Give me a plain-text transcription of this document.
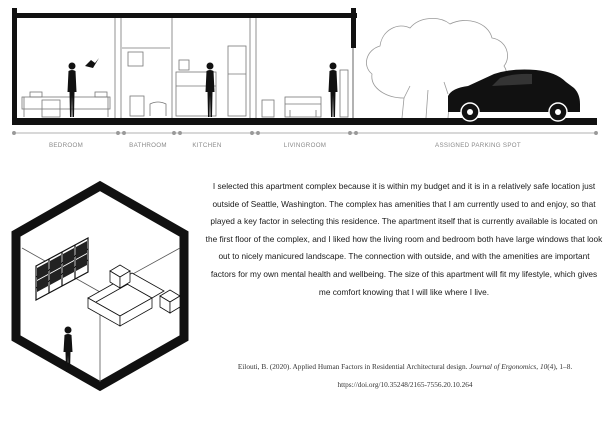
BEDROOM	BATHROOM	KITCHEN	LIVINGROOM	ASSIGNED PARKING SPOT

I selected this apartment complex because it is within my budget and it is in a relatively safe location just outside of Seattle, Washington. The complex has amenities that I am currently used to and enjoy, so that played a key factor in selecting this residence. The apartment itself that is currently available is located on the first floor of the complex, and I liked how the living room and bedroom both have large windows that look out to nicely manicured landscape. The connection with outside, and with the amenities are important factors for my own mental health and wellbeing. The size of this apartment will fit my lifestyle, which gives me comfort knowing that I will like where I live.

Eilouti, B. (2020). Applied Human Factors in Residential Architectural design. Journal of Ergonomics, 10(4), 1–8. https://doi.org/10.35248/2165-7556.20.10.264
